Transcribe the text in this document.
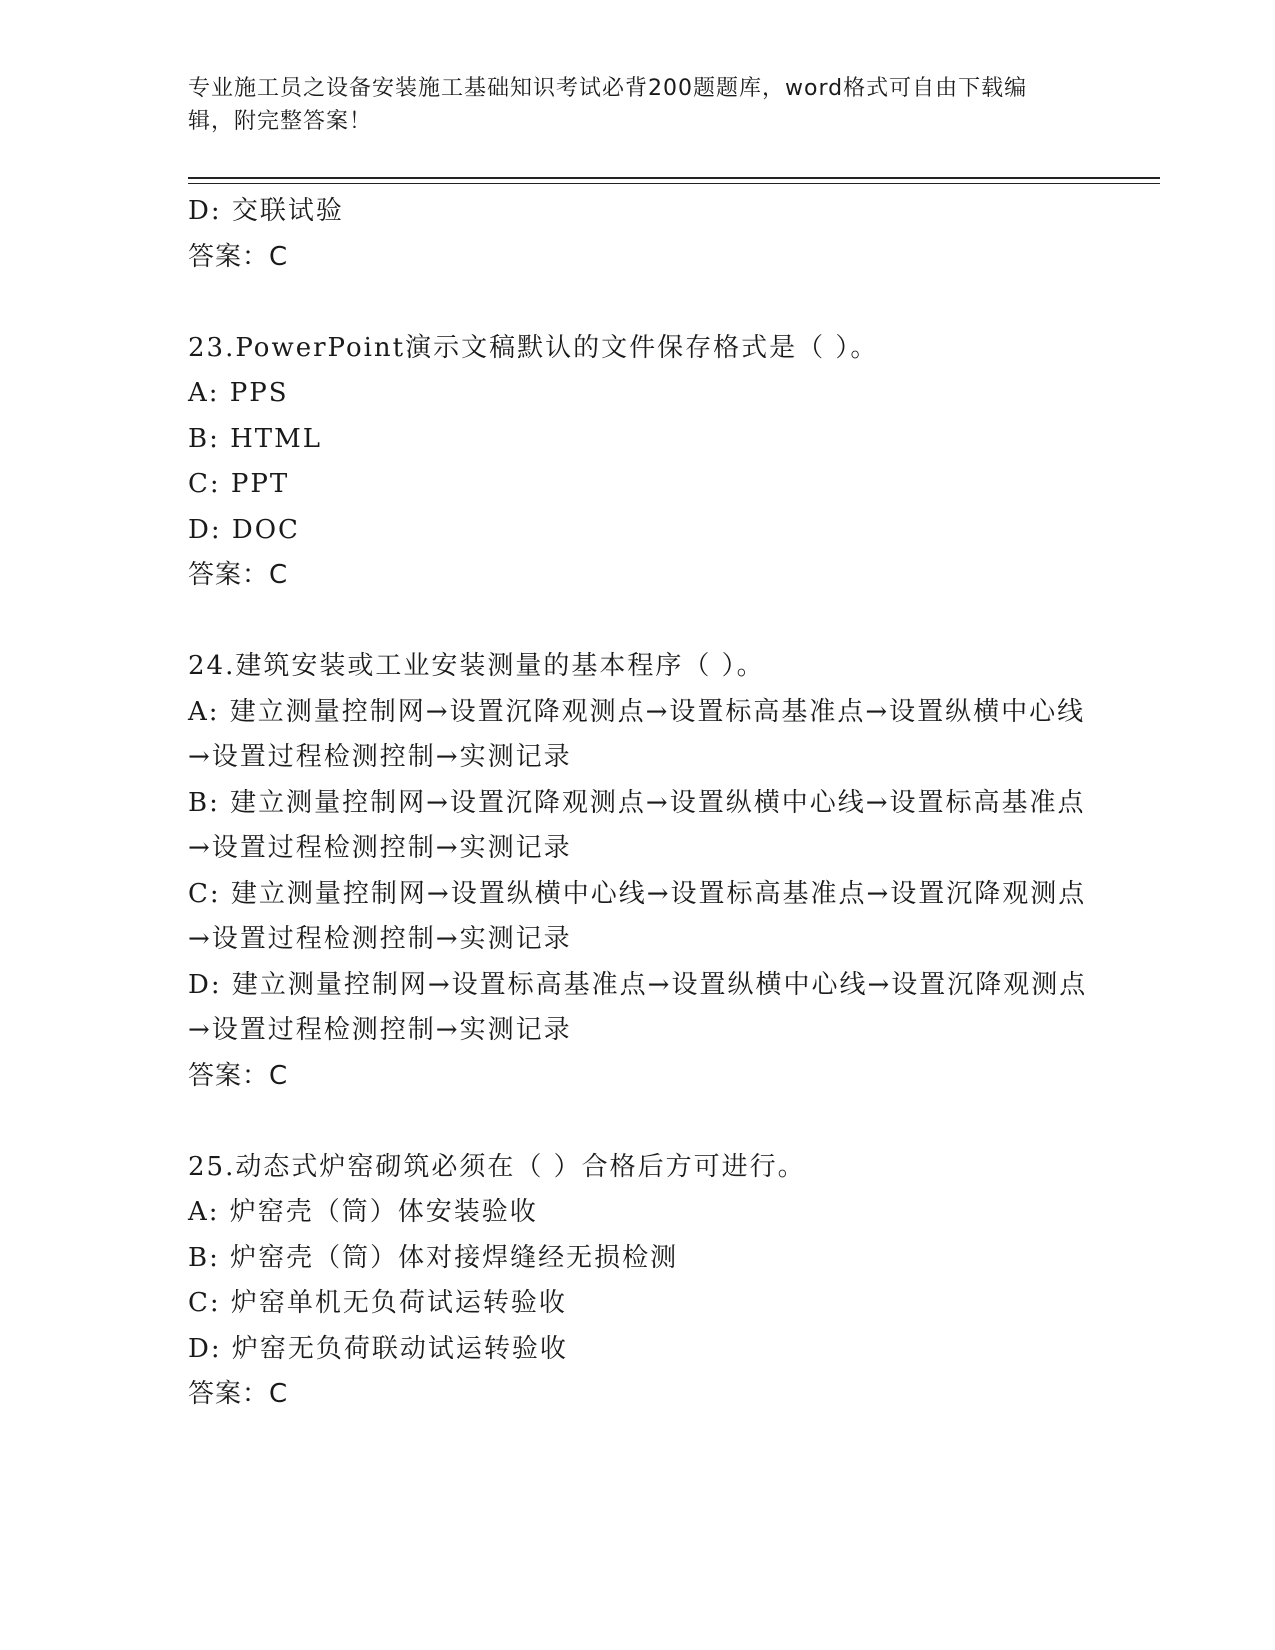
专业施工员之设备安装施工基础知识考试必背200题题库，word格式可自由下载编辑，附完整答案！
D: 交联试验
答案：C
23.PowerPoint演示文稿默认的文件保存格式是（ ）。
A: PPS
B: HTML
C: PPT
D: DOC
答案：C
24.建筑安装或工业安装测量的基本程序（ ）。
A: 建立测量控制网→设置沉降观测点→设置标高基准点→设置纵横中心线→设置过程检测控制→实测记录
B: 建立测量控制网→设置沉降观测点→设置纵横中心线→设置标高基准点→设置过程检测控制→实测记录
C: 建立测量控制网→设置纵横中心线→设置标高基准点→设置沉降观测点→设置过程检测控制→实测记录
D: 建立测量控制网→设置标高基准点→设置纵横中心线→设置沉降观测点→设置过程检测控制→实测记录
答案：C
25.动态式炉窑砌筑必须在（ ）合格后方可进行。
A: 炉窑壳（筒）体安装验收
B: 炉窑壳（筒）体对接焊缝经无损检测
C: 炉窑单机无负荷试运转验收
D: 炉窑无负荷联动试运转验收
答案：C
